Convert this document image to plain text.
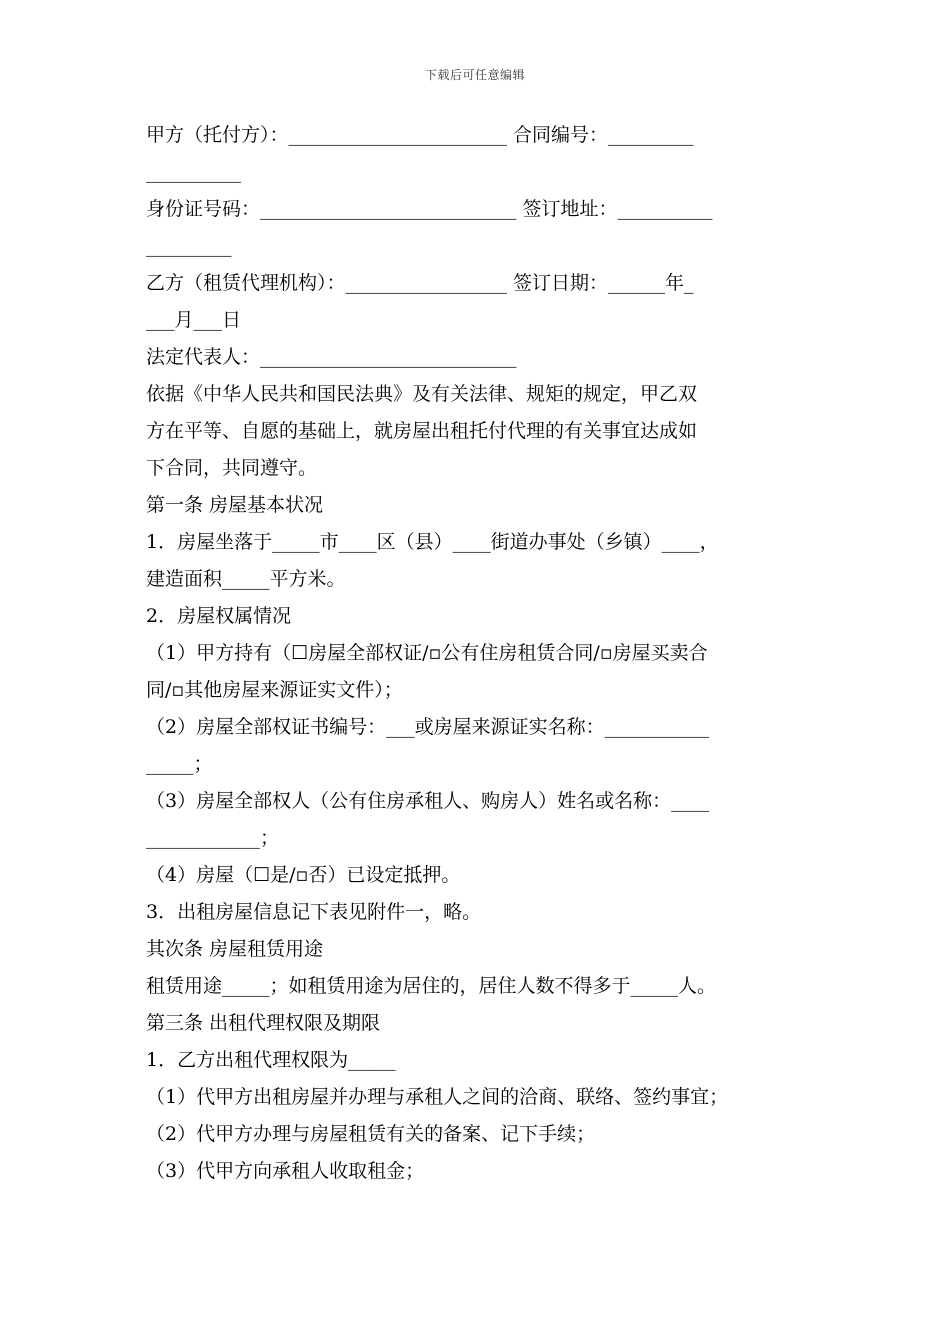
下载后可任意编辑
甲方（托付方）：_______________________ 合同编号：_________
__________
身份证号码：___________________________ 签订地址：__________
_________
乙方（租赁代理机构）：_________________ 签订日期：______年_
___月___日
法定代表人：___________________________
依据《中华人民共和国民法典》及有关法律、规矩的规定，甲乙双
方在平等、自愿的基础上，就房屋出租托付代理的有关事宜达成如
下合同，共同遵守。
第一条 房屋基本状况
1．房屋坐落于_____市____区（县）____街道办事处（乡镇）____，
建造面积_____平方米。
2．房屋权属情况
（1）甲方持有（☐房屋全部权证/▫公有住房租赁合同/▫房屋买卖合
同/▫其他房屋来源证实文件）；
（2）房屋全部权证书编号：___或房屋来源证实名称：___________
_____；
（3）房屋全部权人（公有住房承租人、购房人）姓名或名称：____
____________；
（4）房屋（☐是/▫否）已设定抵押。
3．出租房屋信息记下表见附件一，略。
其次条 房屋租赁用途
租赁用途_____；如租赁用途为居住的，居住人数不得多于_____人。
第三条 出租代理权限及期限
1．乙方出租代理权限为_____
（1）代甲方出租房屋并办理与承租人之间的洽商、联络、签约事宜；
（2）代甲方办理与房屋租赁有关的备案、记下手续；
（3）代甲方向承租人收取租金；
